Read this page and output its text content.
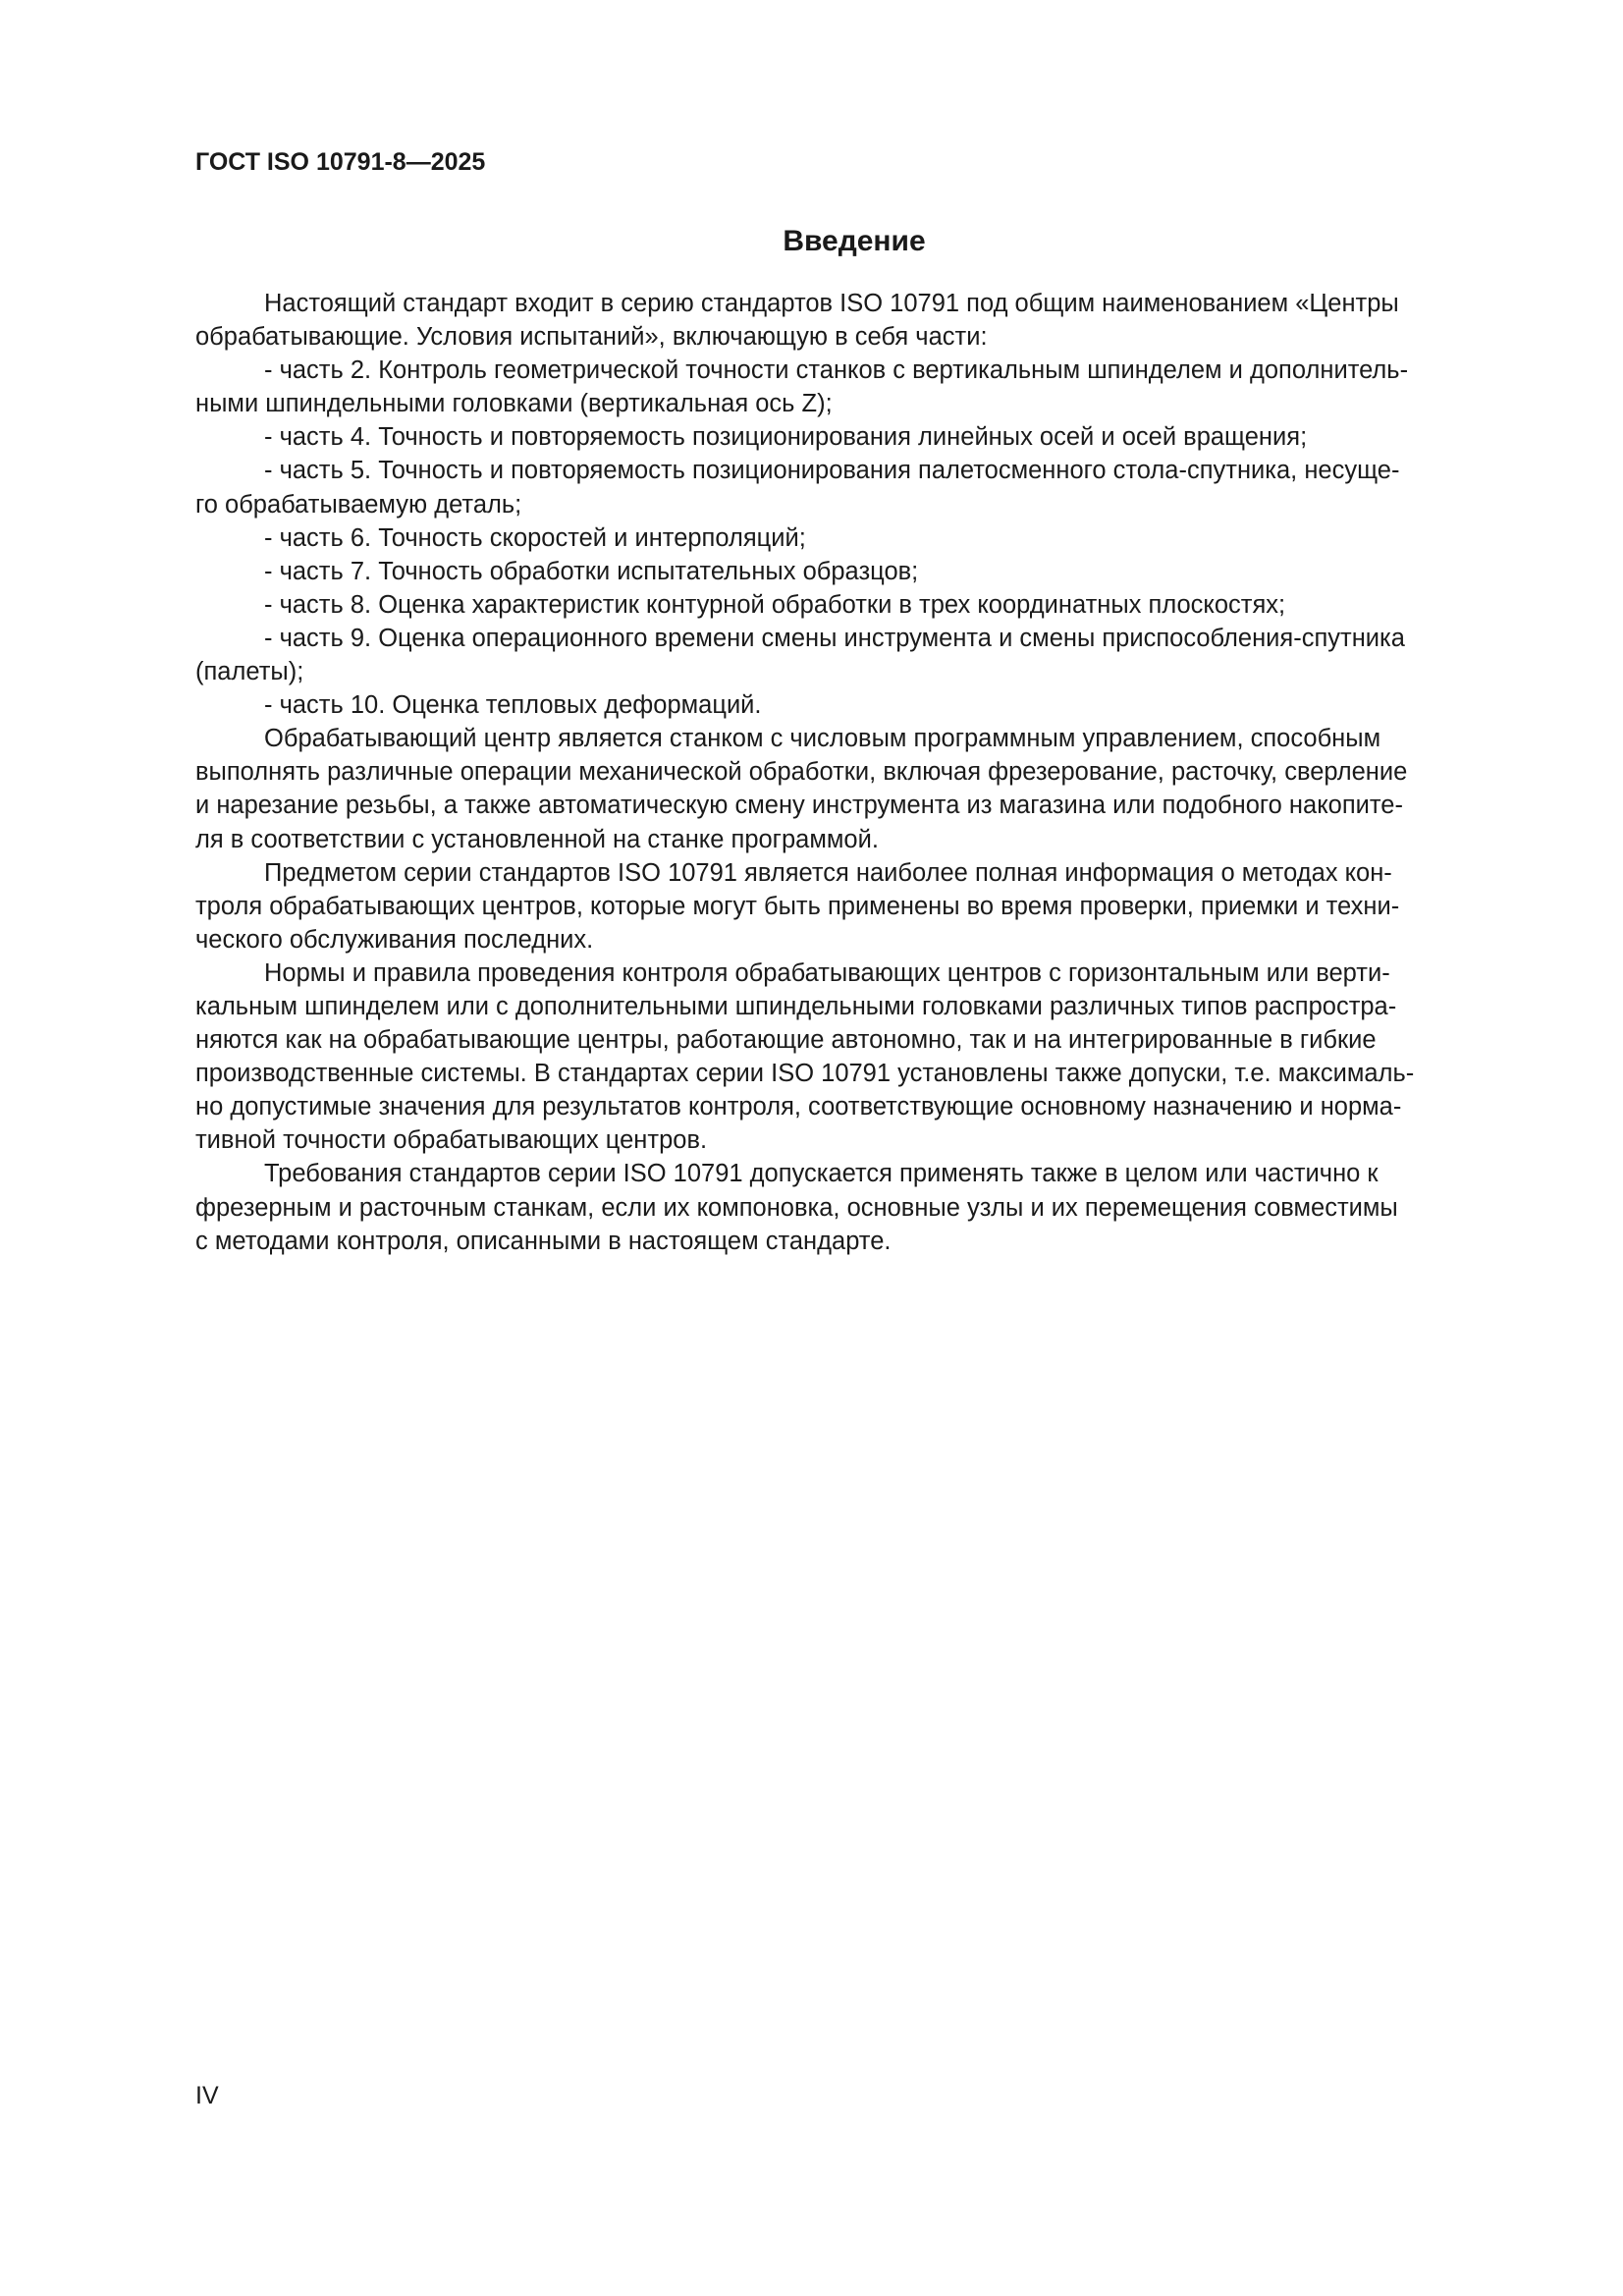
ГОСТ ISO 10791-8—2025
Введение
Настоящий стандарт входит в серию стандартов ISO 10791 под общим наименованием «Центры
обрабатывающие. Условия испытаний», включающую в себя части:
- часть 2. Контроль геометрической точности станков с вертикальным шпинделем и дополнитель-
ными шпиндельными головками (вертикальная ось Z);
- часть 4. Точность и повторяемость позиционирования линейных осей и осей вращения;
- часть 5. Точность и повторяемость позиционирования палетосменного стола-спутника, несуще-
го обрабатываемую деталь;
- часть 6. Точность скоростей и интерполяций;
- часть 7. Точность обработки испытательных образцов;
- часть 8. Оценка характеристик контурной обработки в трех координатных плоскостях;
- часть 9. Оценка операционного времени смены инструмента и смены приспособления-спутника
(палеты);
- часть 10. Оценка тепловых деформаций.
Обрабатывающий центр является станком с числовым программным управлением, способным
выполнять различные операции механической обработки, включая фрезерование, расточку, сверление
и нарезание резьбы, а также автоматическую смену инструмента из магазина или подобного накопите-
ля в соответствии с установленной на станке программой.
Предметом серии стандартов ISO 10791 является наиболее полная информация о методах кон-
троля обрабатывающих центров, которые могут быть применены во время проверки, приемки и техни-
ческого обслуживания последних.
Нормы и правила проведения контроля обрабатывающих центров с горизонтальным или верти-
кальным шпинделем или с дополнительными шпиндельными головками различных типов распростра-
няются как на обрабатывающие центры, работающие автономно, так и на интегрированные в гибкие
производственные системы. В стандартах серии ISO 10791 установлены также допуски, т.е. максималь-
но допустимые значения для результатов контроля, соответствующие основному назначению и норма-
тивной точности обрабатывающих центров.
Требования стандартов серии ISO 10791 допускается применять также в целом или частично к
фрезерным и расточным станкам, если их компоновка, основные узлы и их перемещения совместимы
с методами контроля, описанными в настоящем стандарте.
IV
